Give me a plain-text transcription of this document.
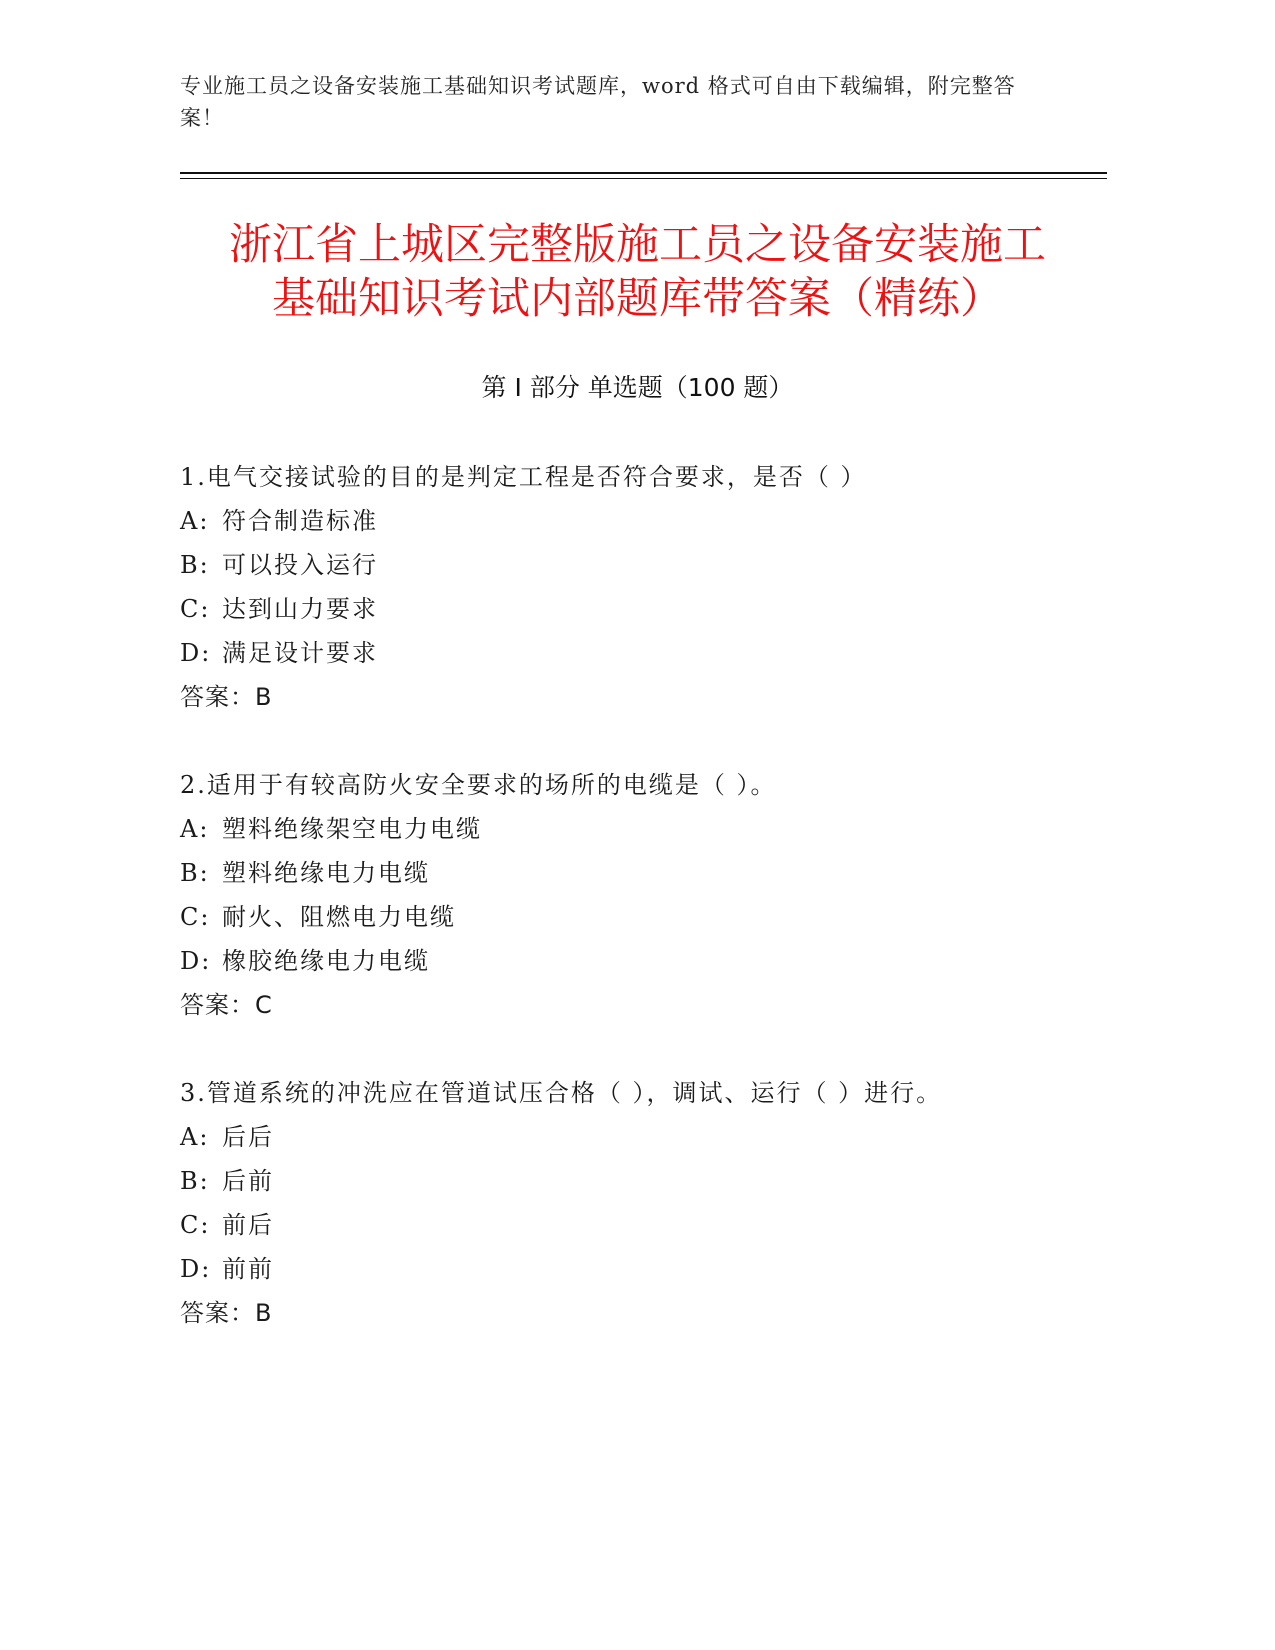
专业施工员之设备安装施工基础知识考试题库，word 格式可自由下载编辑，附完整答案！
浙江省上城区完整版施工员之设备安装施工
基础知识考试内部题库带答案（精练）
第 I 部分 单选题（100 题）
1.电气交接试验的目的是判定工程是否符合要求，是否（ ）
A: 符合制造标准
B: 可以投入运行
C: 达到山力要求
D: 满足设计要求
答案：B
2.适用于有较高防火安全要求的场所的电缆是（ ）。
A: 塑料绝缘架空电力电缆
B: 塑料绝缘电力电缆
C: 耐火、阻燃电力电缆
D: 橡胶绝缘电力电缆
答案：C
3.管道系统的冲洗应在管道试压合格（ ），调试、运行（ ）进行。
A: 后后
B: 后前
C: 前后
D: 前前
答案：B
